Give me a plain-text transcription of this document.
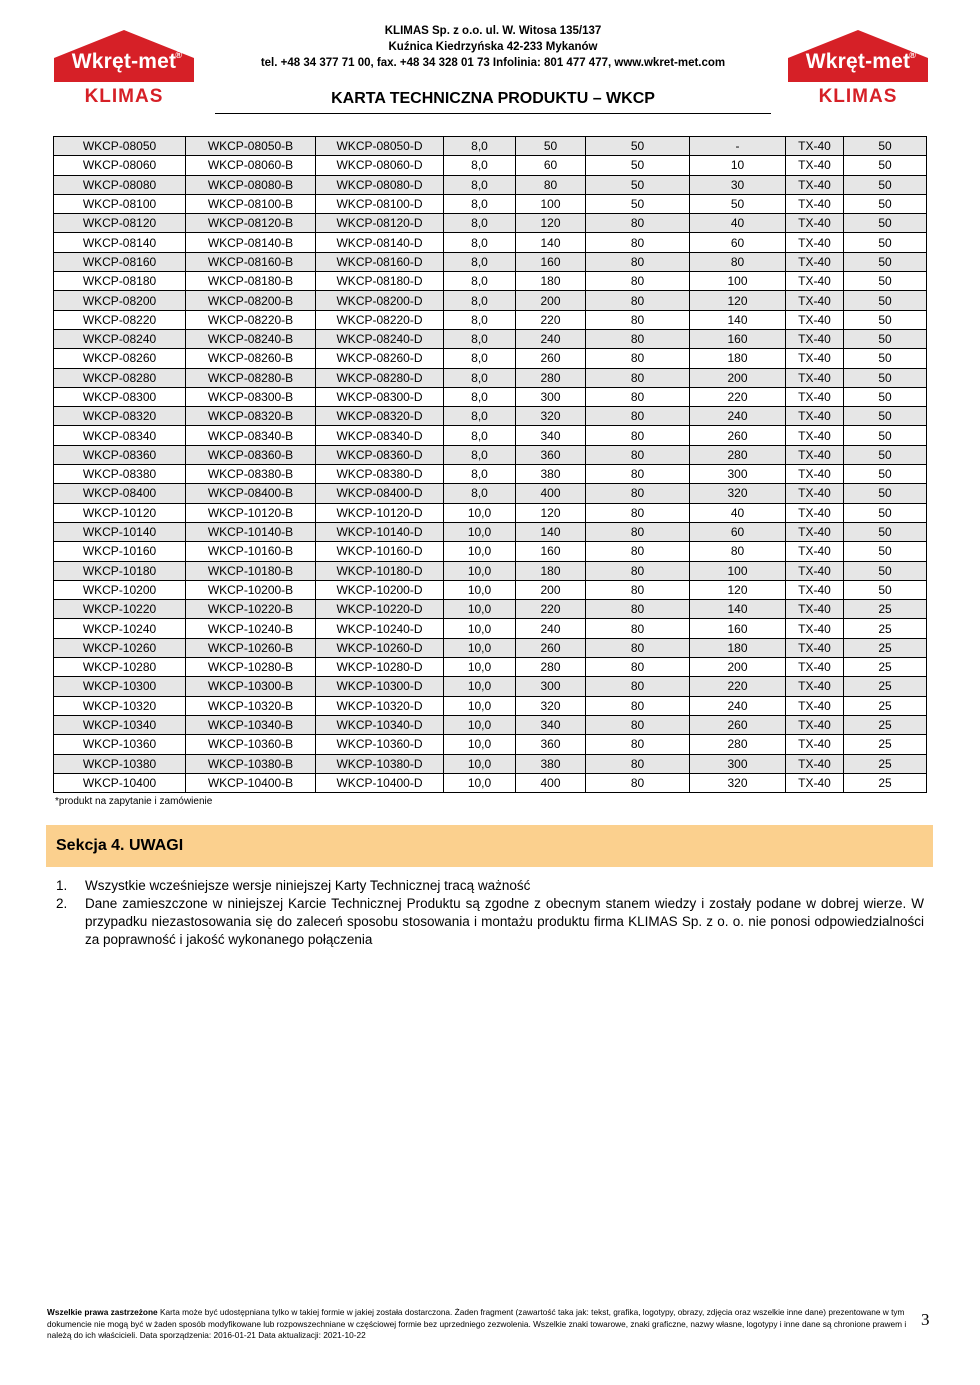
Wkręt-met ®
KLIMAS
KLIMAS Sp. z o.o. ul. W. Witosa 135/137
Kuźnica Kiedrzyńska 42-233 Mykanów
tel. +48 34 377 71 00, fax. +48 34 328 01 73 Infolinia: 801 477 477, www.wkret-met.com
KARTA TECHNICZNA PRODUKTU – WKCP
Wkręt-met ®
KLIMAS
WKCP-08050	WKCP-08050-B	WKCP-08050-D	8,0	50	50	-	TX-40	50
WKCP-08060	WKCP-08060-B	WKCP-08060-D	8,0	60	50	10	TX-40	50
WKCP-08080	WKCP-08080-B	WKCP-08080-D	8,0	80	50	30	TX-40	50
WKCP-08100	WKCP-08100-B	WKCP-08100-D	8,0	100	50	50	TX-40	50
WKCP-08120	WKCP-08120-B	WKCP-08120-D	8,0	120	80	40	TX-40	50
WKCP-08140	WKCP-08140-B	WKCP-08140-D	8,0	140	80	60	TX-40	50
WKCP-08160	WKCP-08160-B	WKCP-08160-D	8,0	160	80	80	TX-40	50
WKCP-08180	WKCP-08180-B	WKCP-08180-D	8,0	180	80	100	TX-40	50
WKCP-08200	WKCP-08200-B	WKCP-08200-D	8,0	200	80	120	TX-40	50
WKCP-08220	WKCP-08220-B	WKCP-08220-D	8,0	220	80	140	TX-40	50
WKCP-08240	WKCP-08240-B	WKCP-08240-D	8,0	240	80	160	TX-40	50
WKCP-08260	WKCP-08260-B	WKCP-08260-D	8,0	260	80	180	TX-40	50
WKCP-08280	WKCP-08280-B	WKCP-08280-D	8,0	280	80	200	TX-40	50
WKCP-08300	WKCP-08300-B	WKCP-08300-D	8,0	300	80	220	TX-40	50
WKCP-08320	WKCP-08320-B	WKCP-08320-D	8,0	320	80	240	TX-40	50
WKCP-08340	WKCP-08340-B	WKCP-08340-D	8,0	340	80	260	TX-40	50
WKCP-08360	WKCP-08360-B	WKCP-08360-D	8,0	360	80	280	TX-40	50
WKCP-08380	WKCP-08380-B	WKCP-08380-D	8,0	380	80	300	TX-40	50
WKCP-08400	WKCP-08400-B	WKCP-08400-D	8,0	400	80	320	TX-40	50
WKCP-10120	WKCP-10120-B	WKCP-10120-D	10,0	120	80	40	TX-40	50
WKCP-10140	WKCP-10140-B	WKCP-10140-D	10,0	140	80	60	TX-40	50
WKCP-10160	WKCP-10160-B	WKCP-10160-D	10,0	160	80	80	TX-40	50
WKCP-10180	WKCP-10180-B	WKCP-10180-D	10,0	180	80	100	TX-40	50
WKCP-10200	WKCP-10200-B	WKCP-10200-D	10,0	200	80	120	TX-40	50
WKCP-10220	WKCP-10220-B	WKCP-10220-D	10,0	220	80	140	TX-40	25
WKCP-10240	WKCP-10240-B	WKCP-10240-D	10,0	240	80	160	TX-40	25
WKCP-10260	WKCP-10260-B	WKCP-10260-D	10,0	260	80	180	TX-40	25
WKCP-10280	WKCP-10280-B	WKCP-10280-D	10,0	280	80	200	TX-40	25
WKCP-10300	WKCP-10300-B	WKCP-10300-D	10,0	300	80	220	TX-40	25
WKCP-10320	WKCP-10320-B	WKCP-10320-D	10,0	320	80	240	TX-40	25
WKCP-10340	WKCP-10340-B	WKCP-10340-D	10,0	340	80	260	TX-40	25
WKCP-10360	WKCP-10360-B	WKCP-10360-D	10,0	360	80	280	TX-40	25
WKCP-10380	WKCP-10380-B	WKCP-10380-D	10,0	380	80	300	TX-40	25
WKCP-10400	WKCP-10400-B	WKCP-10400-D	10,0	400	80	320	TX-40	25
*produkt na zapytanie i zamówienie
Sekcja 4. UWAGI
1. Wszystkie wcześniejsze wersje niniejszej Karty Technicznej tracą ważność
2. Dane zamieszczone w niniejszej Karcie Technicznej Produktu są zgodne z obecnym stanem wiedzy i zostały podane w dobrej wierze. W przypadku niezastosowania się do zaleceń sposobu stosowania i montażu produktu firma KLIMAS Sp. z o. o. nie ponosi odpowiedzialności za poprawność i jakość wykonanego połączenia
Wszelkie prawa zastrzeżone Karta może być udostępniana tylko w takiej formie w jakiej została dostarczona. Żaden fragment (zawartość taka jak: tekst, grafika, logotypy, obrazy, zdjęcia oraz wszelkie inne dane) prezentowane w tym dokumencie nie mogą być w żaden sposób modyfikowane lub rozpowszechniane w częściowej formie bez uprzedniego zezwolenia. Wszelkie znaki towarowe, znaki graficzne, nazwy własne, logotypy i inne dane są chronione prawem i należą do ich właścicieli. Data sporządzenia: 2016-01-21 Data aktualizacji: 2021-10-22
3
